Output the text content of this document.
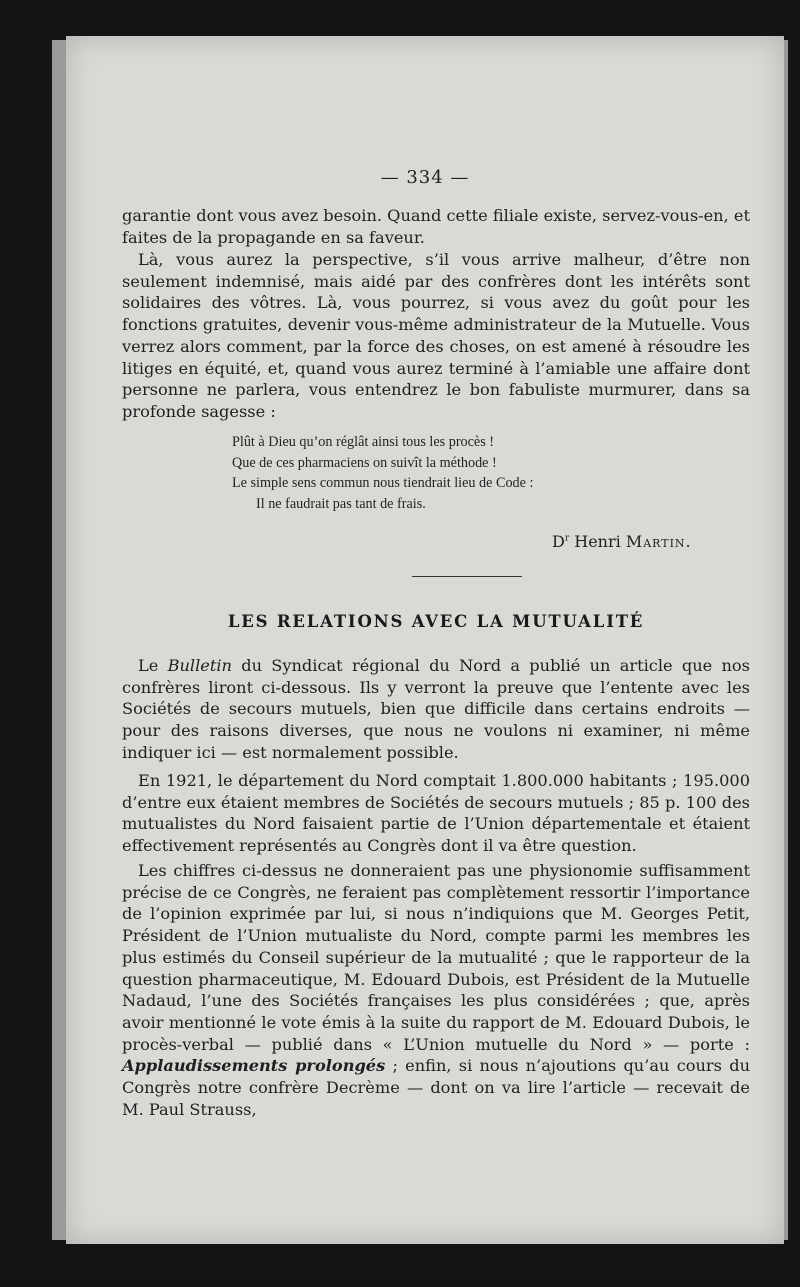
— 334 —

garantie dont vous avez besoin. Quand cette filiale existe, servez-vous-en, et faites de la propagande en sa faveur.

Là, vous aurez la perspective, s’il vous arrive malheur, d’être non seulement indemnisé, mais aidé par des confrères dont les intérêts sont solidaires des vôtres. Là, vous pourrez, si vous avez du goût pour les fonctions gratuites, devenir vous-même administrateur de la Mutuelle. Vous verrez alors comment, par la force des choses, on est amené à résoudre les litiges en équité, et, quand vous aurez terminé à l’amiable une affaire dont personne ne parlera, vous entendrez le bon fabuliste murmurer, dans sa profonde sagesse :

Plût à Dieu qu’on réglât ainsi tous les procès !
Que de ces pharmaciens on suivît la méthode !
Le simple sens commun nous tiendrait lieu de Code :
Il ne faudrait pas tant de frais.
$D^r$ Henri Martin.
LES RELATIONS AVEC LA MUTUALITÉ

Le Bulletin du Syndicat régional du Nord a publié un article que nos confrères liront ci-dessous. Ils y verront la preuve que l’entente avec les Sociétés de secours mutuels, bien que difficile dans certains endroits — pour des raisons diverses, que nous ne voulons ni examiner, ni même indiquer ici — est normalement possible.

En 1921, le département du Nord comptait 1.800.000 habitants ; 195.000 d’entre eux étaient membres de Sociétés de secours mutuels ; 85 p. 100 des mutualistes du Nord faisaient partie de l’Union départementale et étaient effectivement représentés au Congrès dont il va être question.

Les chiffres ci-dessus ne donneraient pas une physionomie suffisamment précise de ce Congrès, ne feraient pas complètement ressortir l’importance de l’opinion exprimée par lui, si nous n’indiquions que M. Georges Petit, Président de l’Union mutualiste du Nord, compte parmi les membres les plus estimés du Conseil supérieur de la mutualité ; que le rapporteur de la question pharmaceutique, M. Edouard Dubois, est Président de la Mutuelle Nadaud, l’une des Sociétés françaises les plus considérées ; que, après avoir mentionné le vote émis à la suite du rapport de M. Edouard Dubois, le procès-verbal — publié dans « L’Union mutuelle du Nord » — porte : Applaudissements prolongés ; enfin, si nous n’ajoutions qu’au cours du Congrès notre confrère Decrème — dont on va lire l’article — recevait de M. Paul Strauss,
